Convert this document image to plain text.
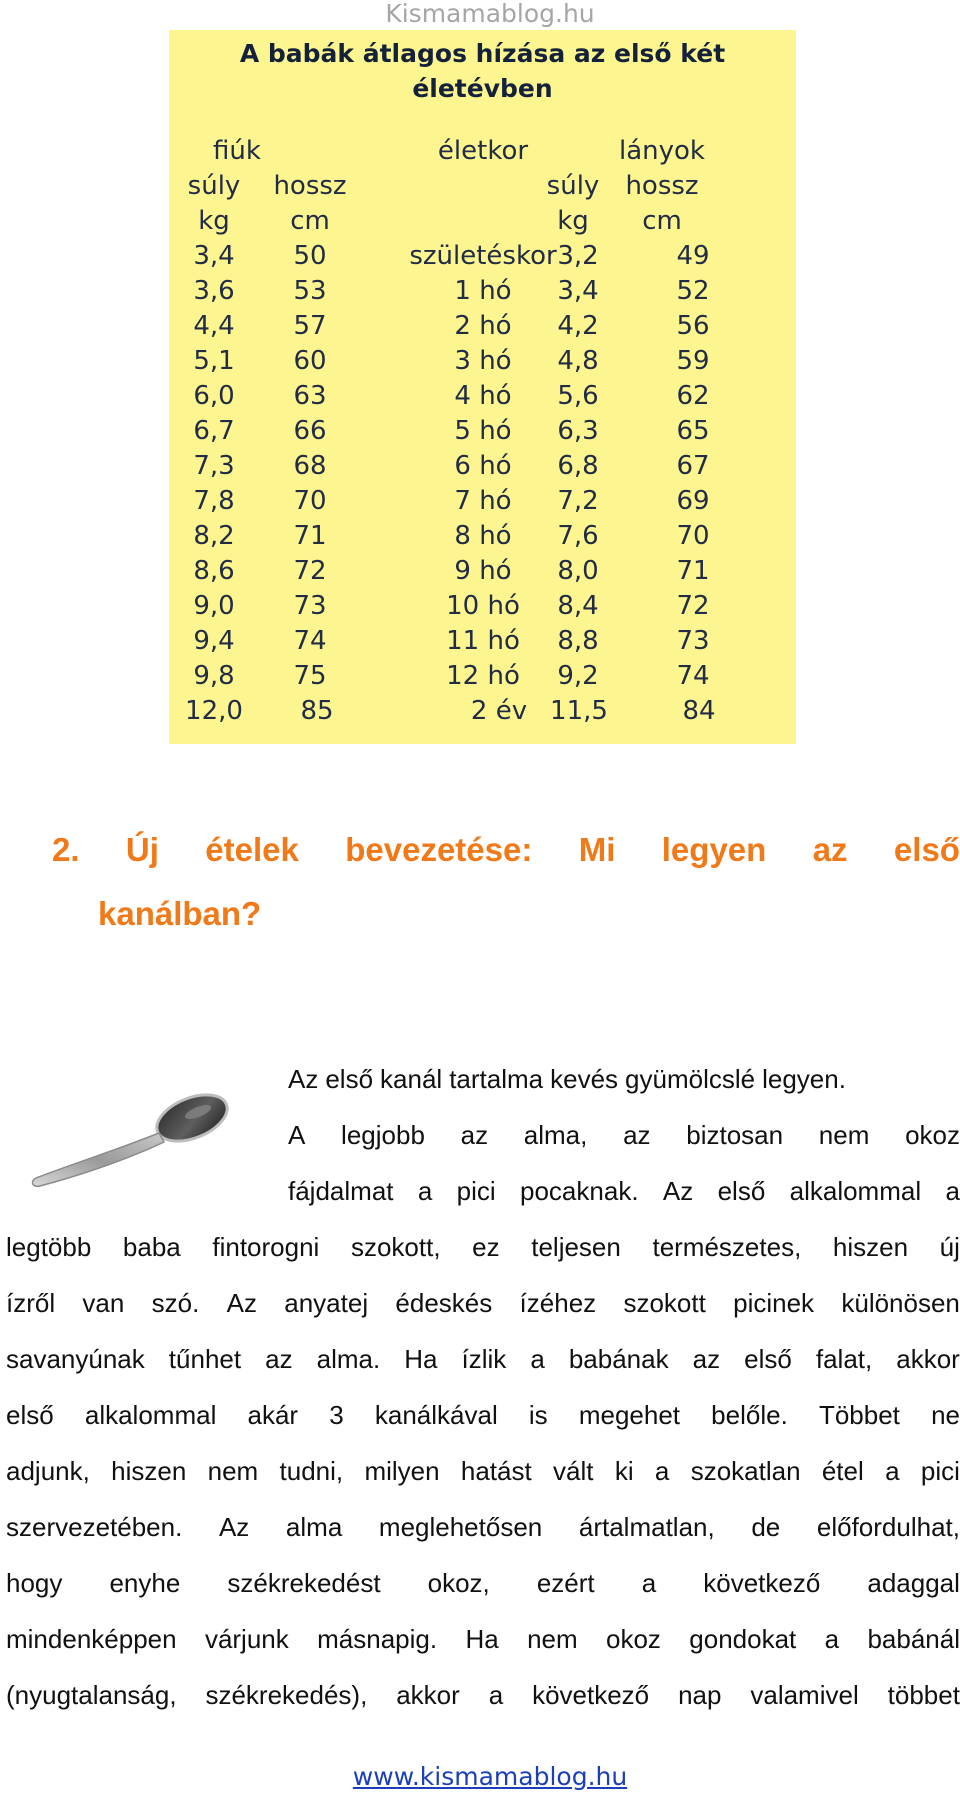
Kismamablog.hu
A babák átlagos hízása az első két
életévben
fiúk	életkor	lányok
súly hossz	súly hossz
kg cm	kg cm
3,4 50	születéskor 3,2	49
3,6 53	1 hó 3,4	52
4,4 57	2 hó 4,2	56
5,1 60	3 hó 4,8	59
6,0 63	4 hó 5,6	62
6,7 66	5 hó 6,3	65
7,3 68	6 hó 6,8	67
7,8 70	7 hó 7,2	69
8,2 71	8 hó 7,6	70
8,6 72	9 hó 8,0	71
9,0 73	10 hó 8,4	72
9,4 74	11 hó 8,8	73
9,8 75	12 hó 9,2	74
12,0 85	2 év 11,5	84
2. Új ételek bevezetése: Mi legyen az első
kanálban?
Az első kanál tartalma kevés gyümölcslé legyen.
A legjobb az alma, az biztosan nem okoz
fájdalmat a pici pocaknak. Az első alkalommal a
legtöbb baba fintorogni szokott, ez teljesen természetes, hiszen új
ízről van szó. Az anyatej édeskés ízéhez szokott picinek különösen
savanyúnak tűnhet az alma. Ha ízlik a babának az első falat, akkor
első alkalommal akár 3 kanálkával is megehet belőle. Többet ne
adjunk, hiszen nem tudni, milyen hatást vált ki a szokatlan étel a pici
szervezetében. Az alma meglehetősen ártalmatlan, de előfordulhat,
hogy enyhe székrekedést okoz, ezért a következő adaggal
mindenképpen várjunk másnapig. Ha nem okoz gondokat a babánál
(nyugtalanság, székrekedés), akkor a következő nap valamivel többet
www.kismamablog.hu
